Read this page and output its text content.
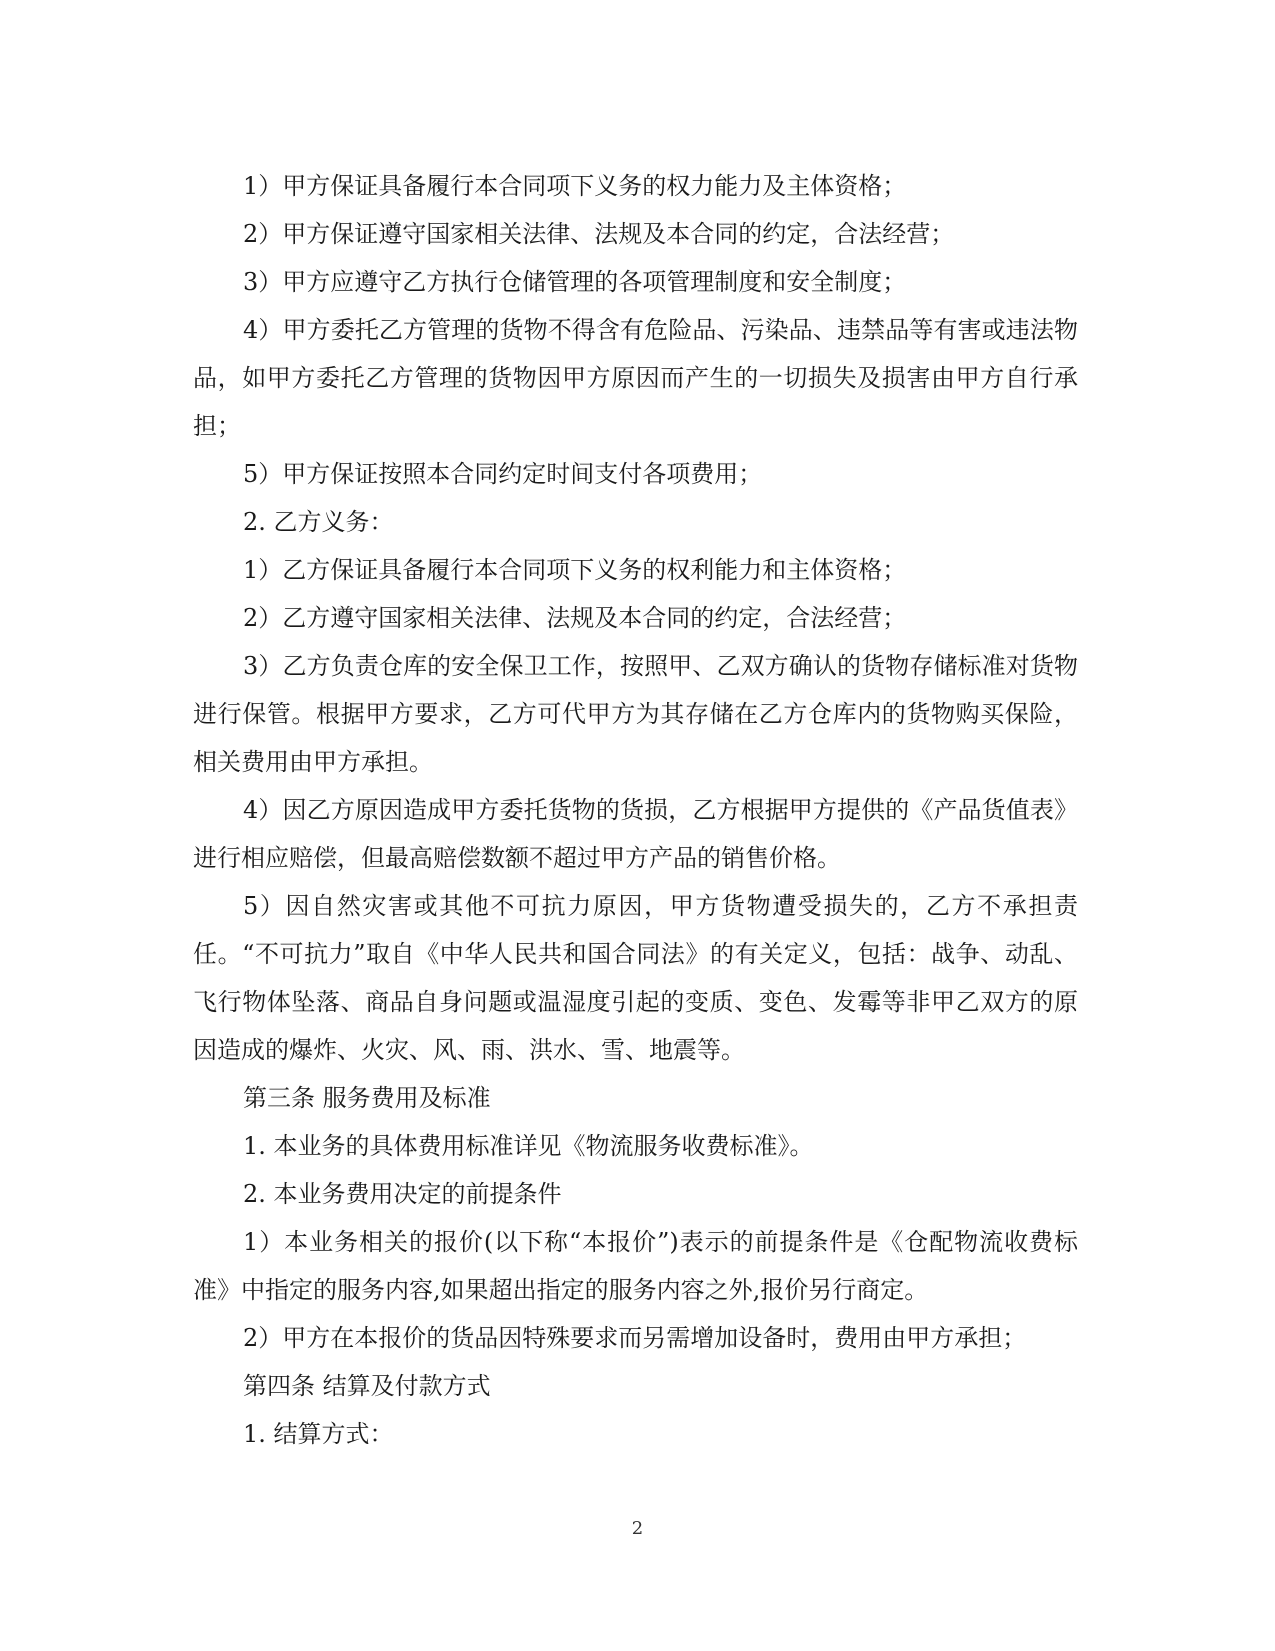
1）甲方保证具备履行本合同项下义务的权力能力及主体资格；

2）甲方保证遵守国家相关法律、法规及本合同的约定，合法经营；

3）甲方应遵守乙方执行仓储管理的各项管理制度和安全制度；

4）甲方委托乙方管理的货物不得含有危险品、污染品、违禁品等有害或违法物品，如甲方委托乙方管理的货物因甲方原因而产生的一切损失及损害由甲方自行承担；

5）甲方保证按照本合同约定时间支付各项费用；

2. 乙方义务：

1）乙方保证具备履行本合同项下义务的权利能力和主体资格；

2）乙方遵守国家相关法律、法规及本合同的约定，合法经营；

3）乙方负责仓库的安全保卫工作，按照甲、乙双方确认的货物存储标准对货物进行保管。根据甲方要求，乙方可代甲方为其存储在乙方仓库内的货物购买保险，相关费用由甲方承担。

4）因乙方原因造成甲方委托货物的货损，乙方根据甲方提供的《产品货值表》进行相应赔偿，但最高赔偿数额不超过甲方产品的销售价格。

5）因自然灾害或其他不可抗力原因，甲方货物遭受损失的，乙方不承担责任。“不可抗力”取自《中华人民共和国合同法》的有关定义，包括：战争、动乱、飞行物体坠落、商品自身问题或温湿度引起的变质、变色、发霉等非甲乙双方的原因造成的爆炸、火灾、风、雨、洪水、雪、地震等。

第三条 服务费用及标准

1. 本业务的具体费用标准详见《物流服务收费标准》。

2. 本业务费用决定的前提条件

1）本业务相关的报价(以下称“本报价”)表示的前提条件是《仓配物流收费标准》中指定的服务内容,如果超出指定的服务内容之外,报价另行商定。

2）甲方在本报价的货品因特殊要求而另需增加设备时，费用由甲方承担；

第四条 结算及付款方式

1. 结算方式：

2
